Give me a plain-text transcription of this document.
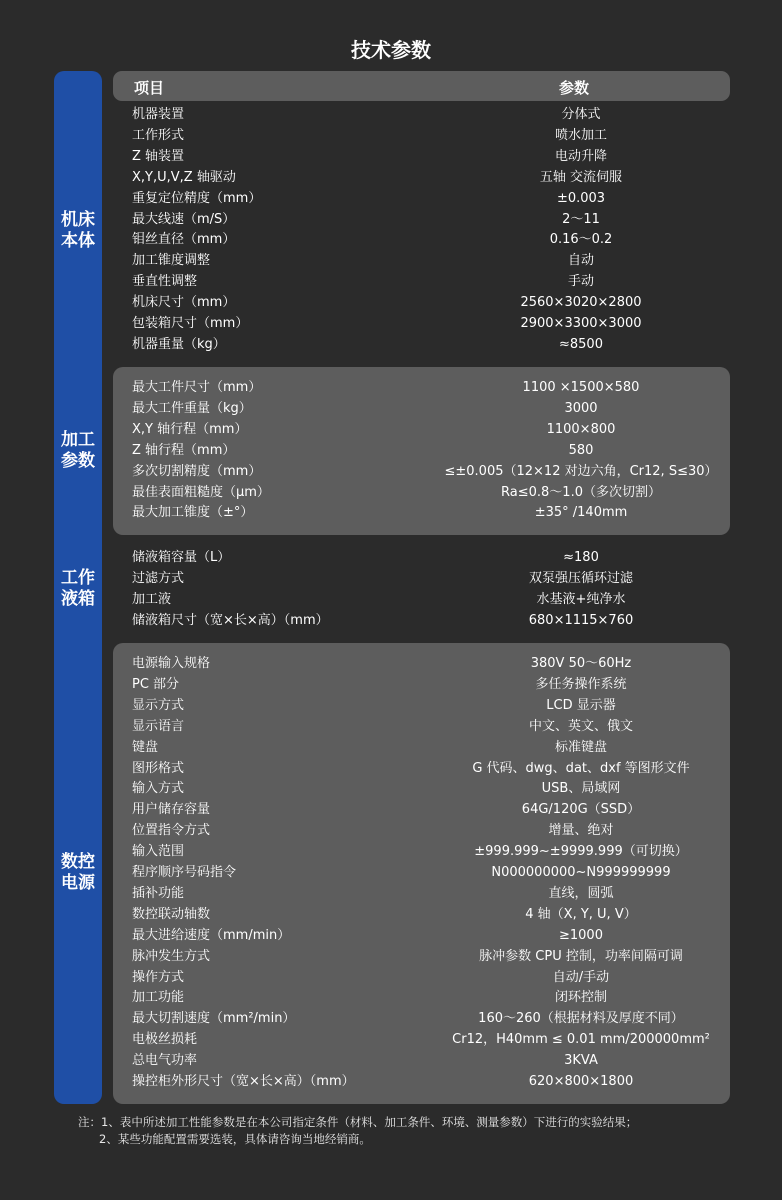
技术参数
机床
本体
加工
参数
工作
液箱
数控
电源
项目	参数
机器装置	分体式
工作形式	喷水加工
Z 轴装置	电动升降
X,Y,U,V,Z 轴驱动	五轴 交流伺服
重复定位精度（mm）	±0.003
最大线速（m/S）	2～11
钼丝直径（mm）	0.16～0.2
加工锥度调整	自动
垂直性调整	手动
机床尺寸（mm）	2560×3020×2800
包装箱尺寸（mm）	2900×3300×3000
机器重量（kg）	≈8500
最大工件尺寸（mm）	1100 ×1500×580
最大工件重量（kg）	3000
X,Y 轴行程（mm）	1100×800
Z 轴行程（mm）	580
多次切割精度（mm）	≤±0.005（12×12 对边六角，Cr12, S≤30）
最佳表面粗糙度（μm）	Ra≤0.8～1.0（多次切割）
最大加工锥度（±°）	±35° /140mm
储液箱容量（L）	≈180
过滤方式	双泵强压循环过滤
加工液	水基液+纯净水
储液箱尺寸（宽×长×高）（mm）	680×1115×760
电源输入规格	380V 50～60Hz
PC 部分	多任务操作系统
显示方式	LCD 显示器
显示语言	中文、英文、俄文
键盘	标准键盘
图形格式	G 代码、dwg、dat、dxf 等图形文件
输入方式	USB、局域网
用户储存容量	64G/120G（SSD）
位置指令方式	增量、绝对
输入范围	±999.999~±9999.999（可切换）
程序顺序号码指令	N000000000~N999999999
插补功能	直线，圆弧
数控联动轴数	4 轴（X, Y, U, V）
最大进给速度（mm/min）	≥1000
脉冲发生方式	脉冲参数 CPU 控制，功率间隔可调
操作方式	自动/手动
加工功能	闭环控制
最大切割速度（mm²/min）	160～260（根据材料及厚度不同）
电极丝损耗	Cr12，H40mm ≤ 0.01 mm/200000mm²
总电气功率	3KVA
操控柜外形尺寸（宽×长×高）（mm）	620×800×1800
注：1、表中所述加工性能参数是在本公司指定条件（材料、加工条件、环境、测量参数）下进行的实验结果；
2、某些功能配置需要选装，具体请咨询当地经销商。
